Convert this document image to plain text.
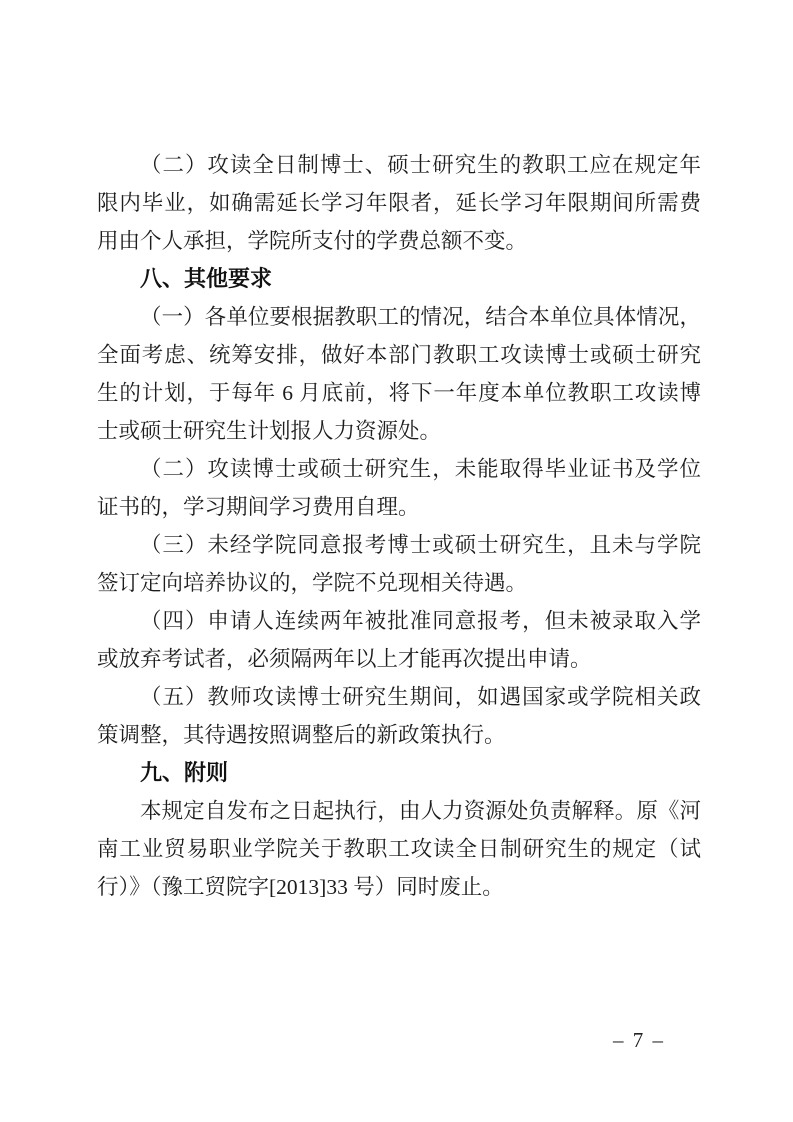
（二）攻读全日制博士、硕士研究生的教职工应在规定年
限内毕业，如确需延长学习年限者，延长学习年限期间所需费
用由个人承担，学院所支付的学费总额不变。
八、其他要求
（一）各单位要根据教职工的情况，结合本单位具体情况，
全面考虑、统筹安排，做好本部门教职工攻读博士或硕士研究
生的计划，于每年 6 月底前，将下一年度本单位教职工攻读博
士或硕士研究生计划报人力资源处。
（二）攻读博士或硕士研究生，未能取得毕业证书及学位
证书的，学习期间学习费用自理。
（三）未经学院同意报考博士或硕士研究生，且未与学院
签订定向培养协议的，学院不兑现相关待遇。
（四）申请人连续两年被批准同意报考，但未被录取入学
或放弃考试者，必须隔两年以上才能再次提出申请。
（五）教师攻读博士研究生期间，如遇国家或学院相关政
策调整，其待遇按照调整后的新政策执行。
九、附则
本规定自发布之日起执行，由人力资源处负责解释。原《河
南工业贸易职业学院关于教职工攻读全日制研究生的规定（试
行）》（豫工贸院字[2013]33 号）同时废止。
– 7 –
